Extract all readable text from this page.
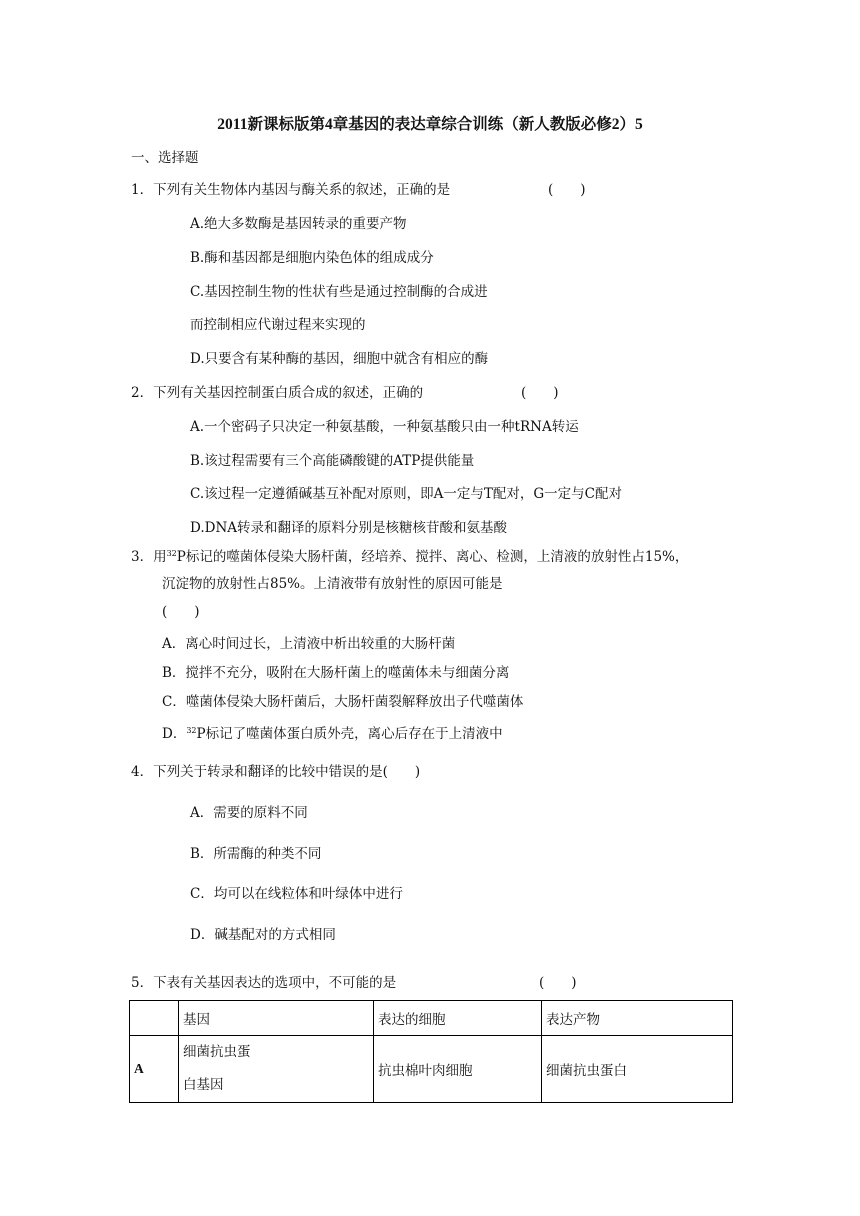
2011新课标版第4章基因的表达章综合训练（新人教版必修2）5
一、选择题
1．下列有关生物体内基因与酶关系的叙述，正确的是	(　　)
A.绝大多数酶是基因转录的重要产物
B.酶和基因都是细胞内染色体的组成成分
C.基因控制生物的性状有些是通过控制酶的合成进
而控制相应代谢过程来实现的
D.只要含有某种酶的基因，细胞中就含有相应的酶
2．下列有关基因控制蛋白质合成的叙述，正确的	(　　)
A.一个密码子只决定一种氨基酸，一种氨基酸只由一种tRNA转运
B.该过程需要有三个高能磷酸键的ATP提供能量
C.该过程一定遵循碱基互补配对原则，即A一定与T配对，G一定与C配对
D.DNA转录和翻译的原料分别是核糖核苷酸和氨基酸
3．用$^{32}$P标记的噬菌体侵染大肠杆菌，经培养、搅拌、离心、检测，上清液的放射性占15%，
沉淀物的放射性占85%。上清液带有放射性的原因可能是
(　　)
A．离心时间过长，上清液中析出较重的大肠杆菌
B．搅拌不充分，吸附在大肠杆菌上的噬菌体未与细菌分离
C．噬菌体侵染大肠杆菌后，大肠杆菌裂解释放出子代噬菌体
D．$^{32}$P标记了噬菌体蛋白质外壳，离心后存在于上清液中
4．下列关于转录和翻译的比较中错误的是(　　)
A．需要的原料不同
B．所需酶的种类不同
C．均可以在线粒体和叶绿体中进行
D．碱基配对的方式相同
5．下表有关基因表达的选项中，不可能的是	(　　)
	基因	表达的细胞	表达产物
A	细菌抗虫蛋
白基因	抗虫棉叶肉细胞	细菌抗虫蛋白
